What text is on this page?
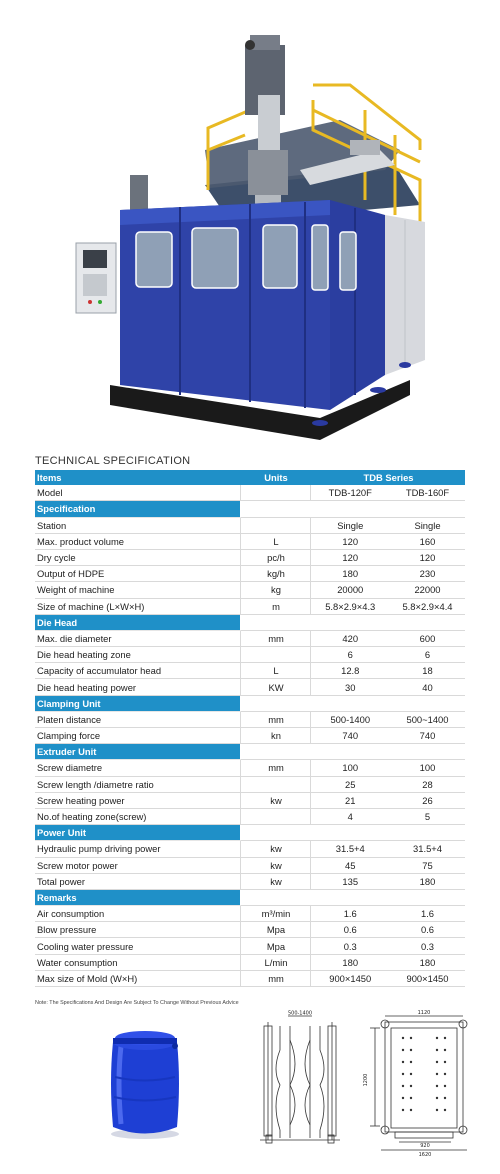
TECHNICAL SPECIFICATION
Items	Units	TDB Series	
Model		TDB-120F	TDB-160F
Specification			
Station		Single	Single
Max. product volume	L	120	160
Dry cycle	pc/h	120	120
Output of HDPE	kg/h	180	230
Weight of machine	kg	20000	22000
Size of machine (L×W×H)	m	5.8×2.9×4.3	5.8×2.9×4.4
Die Head			
Max. die diameter	mm	420	600
Die head heating zone		6	6
Capacity of accumulator head	L	12.8	18
Die head heating power	KW	30	40
Clamping Unit			
Platen distance	mm	500-1400	500~1400
Clamping force	kn	740	740
Extruder Unit			
Screw diametre	mm	100	100
Screw length /diametre ratio		25	28
Screw heating power	kw	21	26
No.of heating zone(screw)		4	5
Power Unit			
Hydraulic pump driving power	kw	31.5+4	31.5+4
Screw motor power	kw	45	75
Total power	kw	135	180
Remarks			
Air consumption	m³/min	1.6	1.6
Blow pressure	Mpa	0.6	0.6
Cooling water pressure	Mpa	0.3	0.3
Water consumption	L/min	180	180
Max size of Mold (W×H)	mm	900×1450	900×1450
Note: The Specifications And Design Are Subject To Change Without Previous Advice
500-1400	1120
1200
920
1620
